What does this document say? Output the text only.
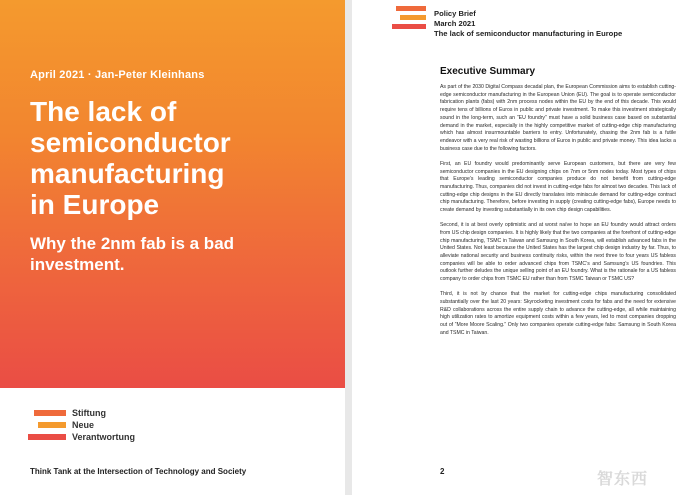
April 2021 · Jan-Peter Kleinhans
The lack of
semiconductor
manufacturing
in Europe
Why the 2nm fab is a bad
investment.
Stiftung
Neue
Verantwortung
Think Tank at the Intersection of Technology and Society
Policy Brief
March 2021
The lack of semiconductor manufacturing in Europe
Executive Summary

As part of the 2030 Digital Compass decadal plan, the European Commission aims to establish cutting-edge semiconductor manufacturing in the European Union (EU). The goal is to operate semiconductor fabrication plants (fabs) with 2nm process nodes within the EU by the end of this decade. This would require tens of billions of Euros in public and private investment. To make this investment strategically sound in the long-term, such an “EU foundry” must have a solid business case based on substantial demand in the market, especially in the highly competitive market of cutting-edge chip manufacturing which has almost insurmountable barriers to entry. Unfortunately, chasing the 2nm fab is a futile endeavor with a very real risk of wasting billions of Euros in public and private money. This idea lacks a business case due to the following factors.

First, an EU foundry would predominantly serve European customers, but there are very few semiconductor companies in the EU designing chips on 7nm or 5nm nodes today. Most types of chips that Europe’s leading semiconductor companies produce do not benefit from cutting-edge manufacturing. Thus, companies did not invest in cutting-edge fabs for almost two decades. This lack of cutting-edge chip designs in the EU directly translates into miniscule demand for cutting-edge contract chip manufacturing. Therefore, before investing in supply (creating cutting-edge fabs), Europe needs to create demand by investing substantially in its own chip design capabilities.

Second, it is at best overly optimistic and at worst naïve to hope an EU foundry would attract orders from US chip design companies. It is highly likely that the two companies at the forefront of cutting-edge chip manufacturing, TSMC in Taiwan and Samsung in South Korea, will establish advanced fabs in the United States. Not least because the United States has the largest chip design industry by far. Thus, to alleviate national security and business continuity risks, within the next three to four years US fabless companies will be able to order advanced chips from TSMC’s and Samsung’s US foundries. This outlook further deludes the unique selling point of an EU foundry. What is the rationale for a US fabless company to order chips from TSMC EU rather than from TSMC Taiwan or TSMC US?

Third, it is not by chance that the market for cutting-edge chips manufacturing consolidated substantially over the last 20 years: Skyrocketing investment costs for fabs and the need for extensive R&D collaborations across the entire supply chain to advance the cutting-edge, all while maintaining high utilization rates to amortize equipment costs within a few years, led to most companies dropping out of “More Moore Scaling.” Only two companies operate cutting-edge fabs: Samsung in South Korea and TSMC in Taiwan.

2	智东西
